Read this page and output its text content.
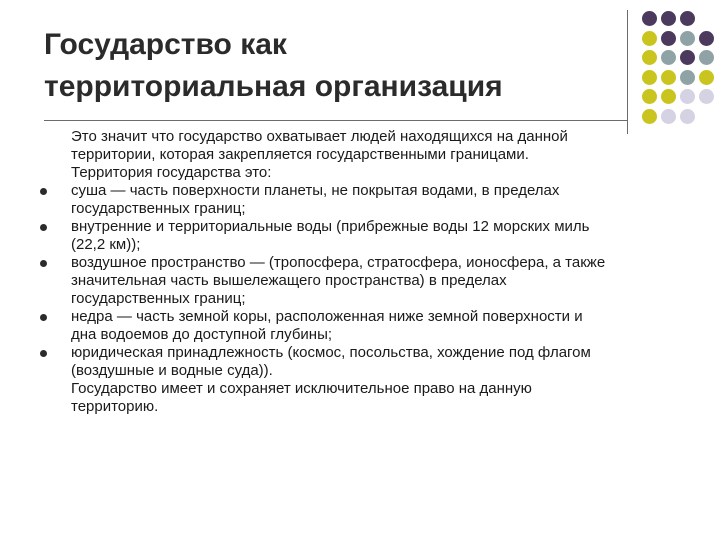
Государство как
территориальная организация
Это значит что государство охватывает людей находящихся на данной
территории, которая закрепляется государственными границами.
Территория государства это:
суша — часть поверхности планеты, не покрытая водами, в пределах
государственных границ;
внутренние и территориальные воды (прибрежные воды 12 морских миль
(22,2 км));
воздушное пространство — (тропосфера, стратосфера, ионосфера, а также
значительная часть вышележащего пространства) в пределах
государственных границ;
недра — часть земной коры, расположенная ниже земной поверхности и
дна водоемов до доступной глубины;
юридическая принадлежность (космос, посольства, хождение под флагом
(воздушные и водные суда)).
Государство имеет и сохраняет исключительное право на данную
территорию.
